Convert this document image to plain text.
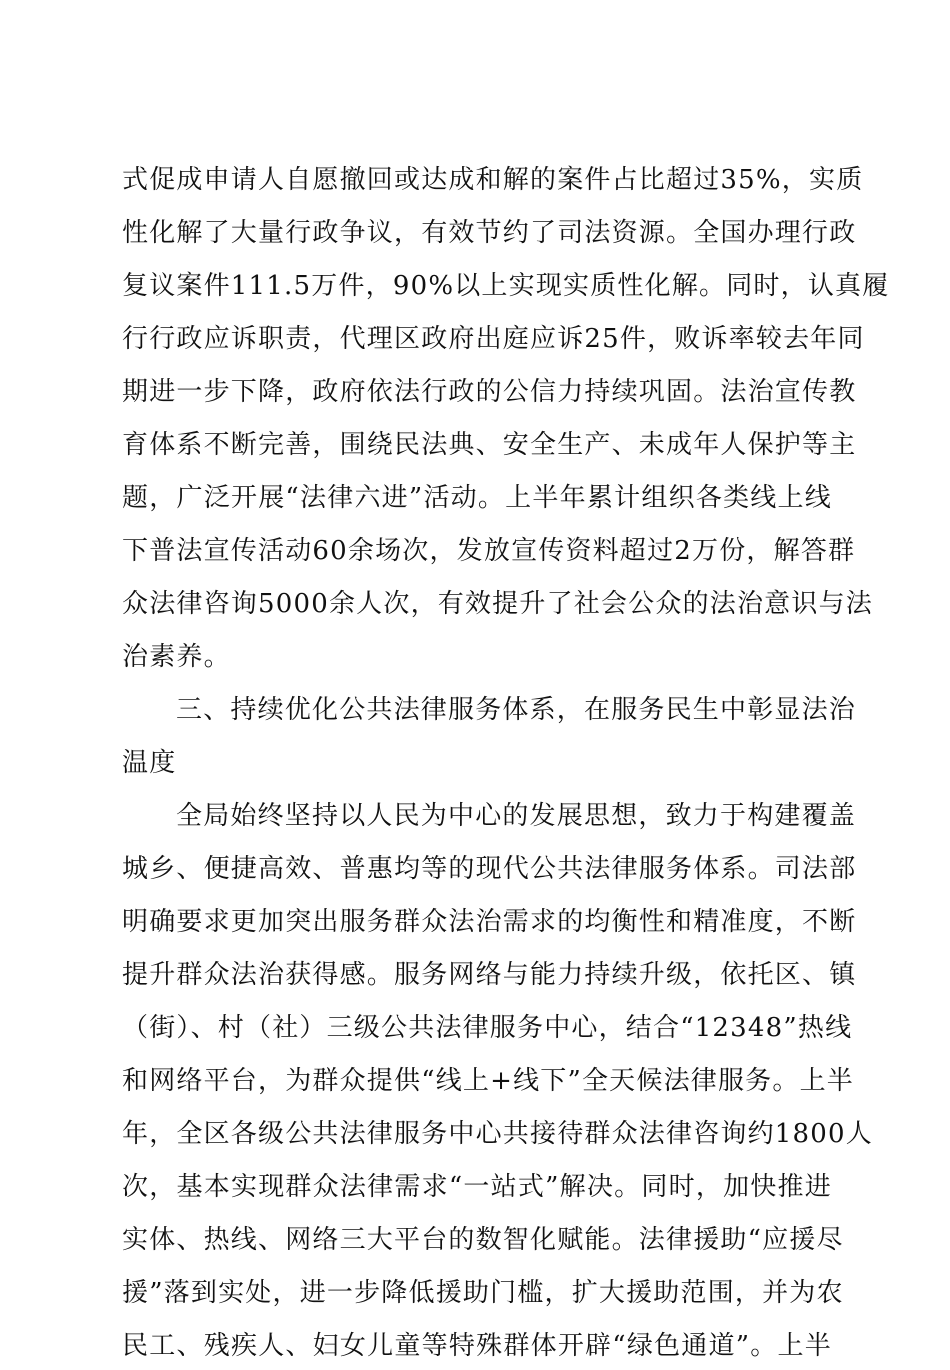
式促成申请人自愿撤回或达成和解的案件占比超过35%，实质
性化解了大量行政争议，有效节约了司法资源。全国办理行政
复议案件111.5万件，90%以上实现实质性化解。同时，认真履
行行政应诉职责，代理区政府出庭应诉25件，败诉率较去年同
期进一步下降，政府依法行政的公信力持续巩固。法治宣传教
育体系不断完善，围绕民法典、安全生产、未成年人保护等主
题，广泛开展“法律六进”活动。上半年累计组织各类线上线
下普法宣传活动60余场次，发放宣传资料超过2万份，解答群
众法律咨询5000余人次，有效提升了社会公众的法治意识与法
治素养。
三、持续优化公共法律服务体系，在服务民生中彰显法治
温度
全局始终坚持以人民为中心的发展思想，致力于构建覆盖
城乡、便捷高效、普惠均等的现代公共法律服务体系。司法部
明确要求更加突出服务群众法治需求的均衡性和精准度，不断
提升群众法治获得感。服务网络与能力持续升级，依托区、镇
（街）、村（社）三级公共法律服务中心，结合“12348”热线
和网络平台，为群众提供“线上+线下”全天候法律服务。上半
年，全区各级公共法律服务中心共接待群众法律咨询约1800人
次，基本实现群众法律需求“一站式”解决。同时，加快推进
实体、热线、网络三大平台的数智化赋能。法律援助“应援尽
援”落到实处，进一步降低援助门槛，扩大援助范围，并为农
民工、残疾人、妇女儿童等特殊群体开辟“绿色通道”。上半
